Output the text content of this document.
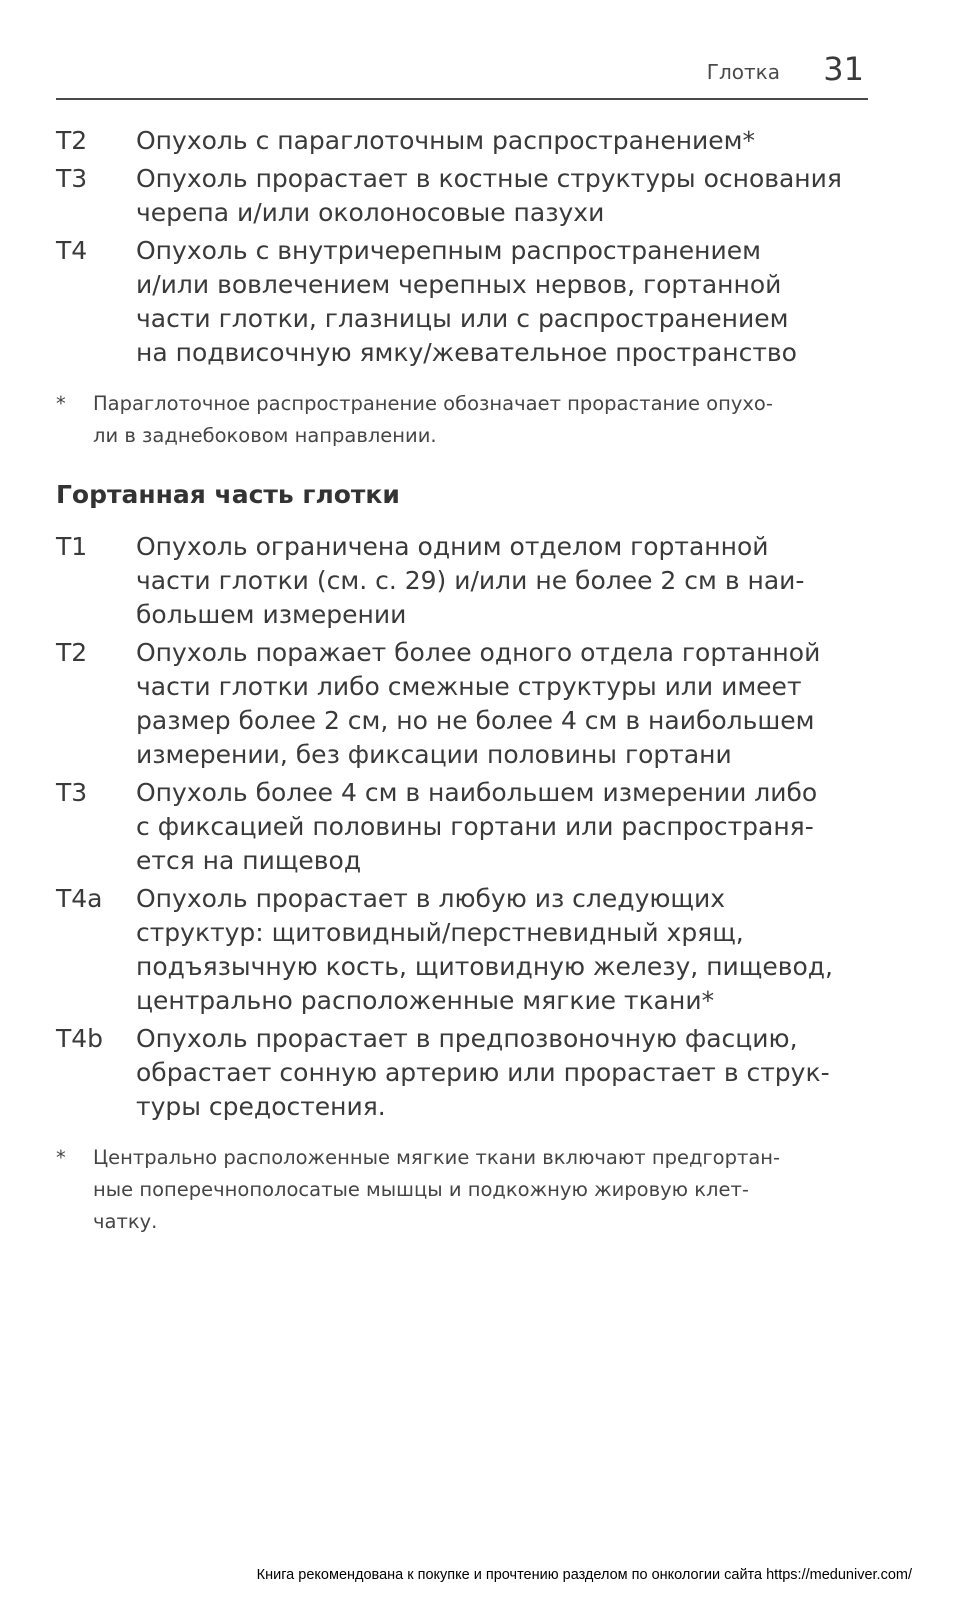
Глотка 31
T2	Опухоль с параглоточным распространением*
T3	Опухоль прорастает в костные структуры основания
черепа и/или околоносовые пазухи
T4	Опухоль с внутричерепным распространением
и/или вовлечением черепных нервов, гортанной
части глотки, глазницы или с распространением
на подвисочную ямку/жевательное пространство
*	Параглоточное распространение обозначает прорастание опухо-
ли в заднебоковом направлении.
Гортанная часть глотки
T1	Опухоль ограничена одним отделом гортанной
части глотки (см. с. 29) и/или не более 2 см в наи-
большем измерении
T2	Опухоль поражает более одного отдела гортанной
части глотки либо смежные структуры или имеет
размер более 2 см, но не более 4 см в наибольшем
измерении, без фиксации половины гортани
T3	Опухоль более 4 см в наибольшем измерении либо
с фиксацией половины гортани или распространя-
ется на пищевод
T4a	Опухоль прорастает в любую из следующих
структур: щитовидный/перстневидный хрящ,
подъязычную кость, щитовидную железу, пищевод,
центрально расположенные мягкие ткани*
T4b	Опухоль прорастает в предпозвоночную фасцию,
обрастает сонную артерию или прорастает в струк-
туры средостения.
*	Центрально расположенные мягкие ткани включают предгортан-
ные поперечнополосатые мышцы и подкожную жировую клет-
чатку.
Книга рекомендована к покупке и прочтению разделом по онкологии сайта https://meduniver.com/
